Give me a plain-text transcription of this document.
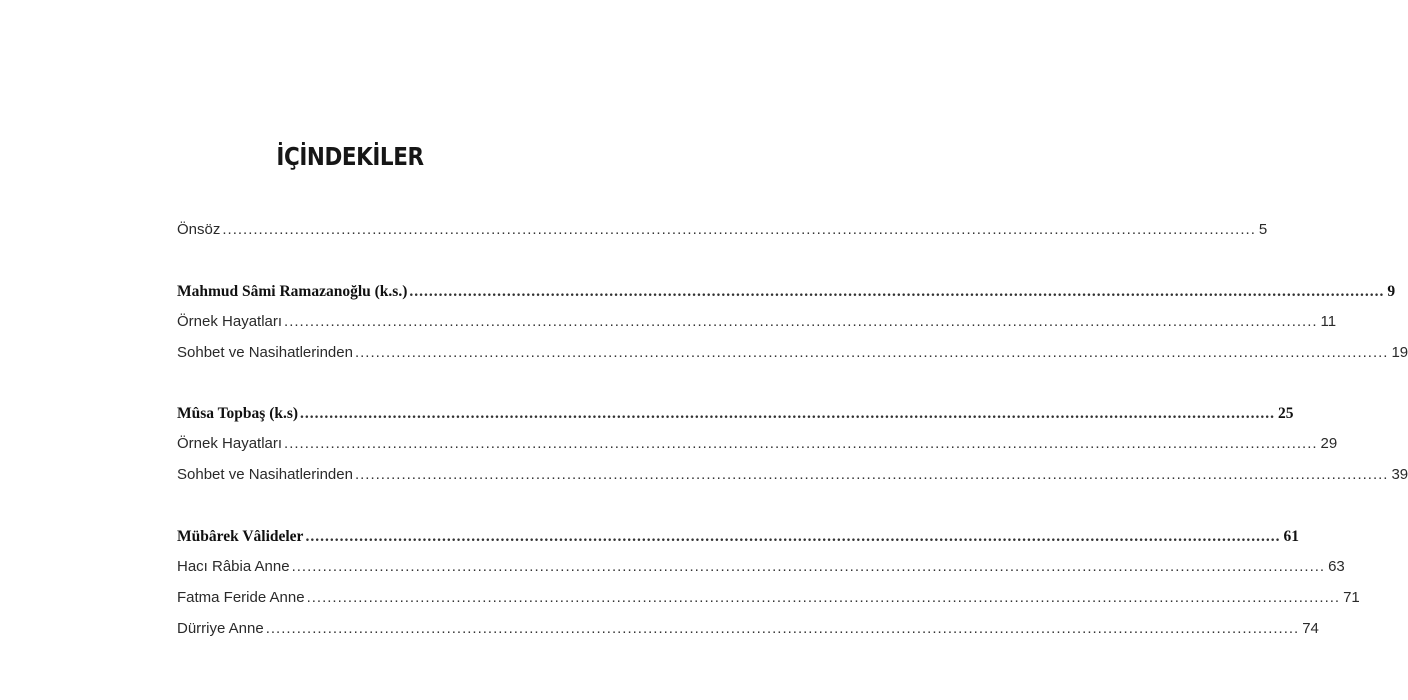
İÇİNDEKİLER
Önsöz ........................................................................................................................................................................................................ 5
Mahmud Sâmi Ramazanoğlu (k.s.) ........................................................................................................................................................................................................ 9
Örnek Hayatları ........................................................................................................................................................................................................ 11
Sohbet ve Nasihatlerinden ........................................................................................................................................................................................................ 19
Mûsa Topbaş (k.s) ........................................................................................................................................................................................................ 25
Örnek Hayatları ........................................................................................................................................................................................................ 29
Sohbet ve Nasihatlerinden ........................................................................................................................................................................................................ 39
Mübârek Vâlideler ........................................................................................................................................................................................................ 61
Hacı Râbia Anne ........................................................................................................................................................................................................ 63
Fatma Feride Anne ........................................................................................................................................................................................................ 71
Dürriye Anne ........................................................................................................................................................................................................ 74
